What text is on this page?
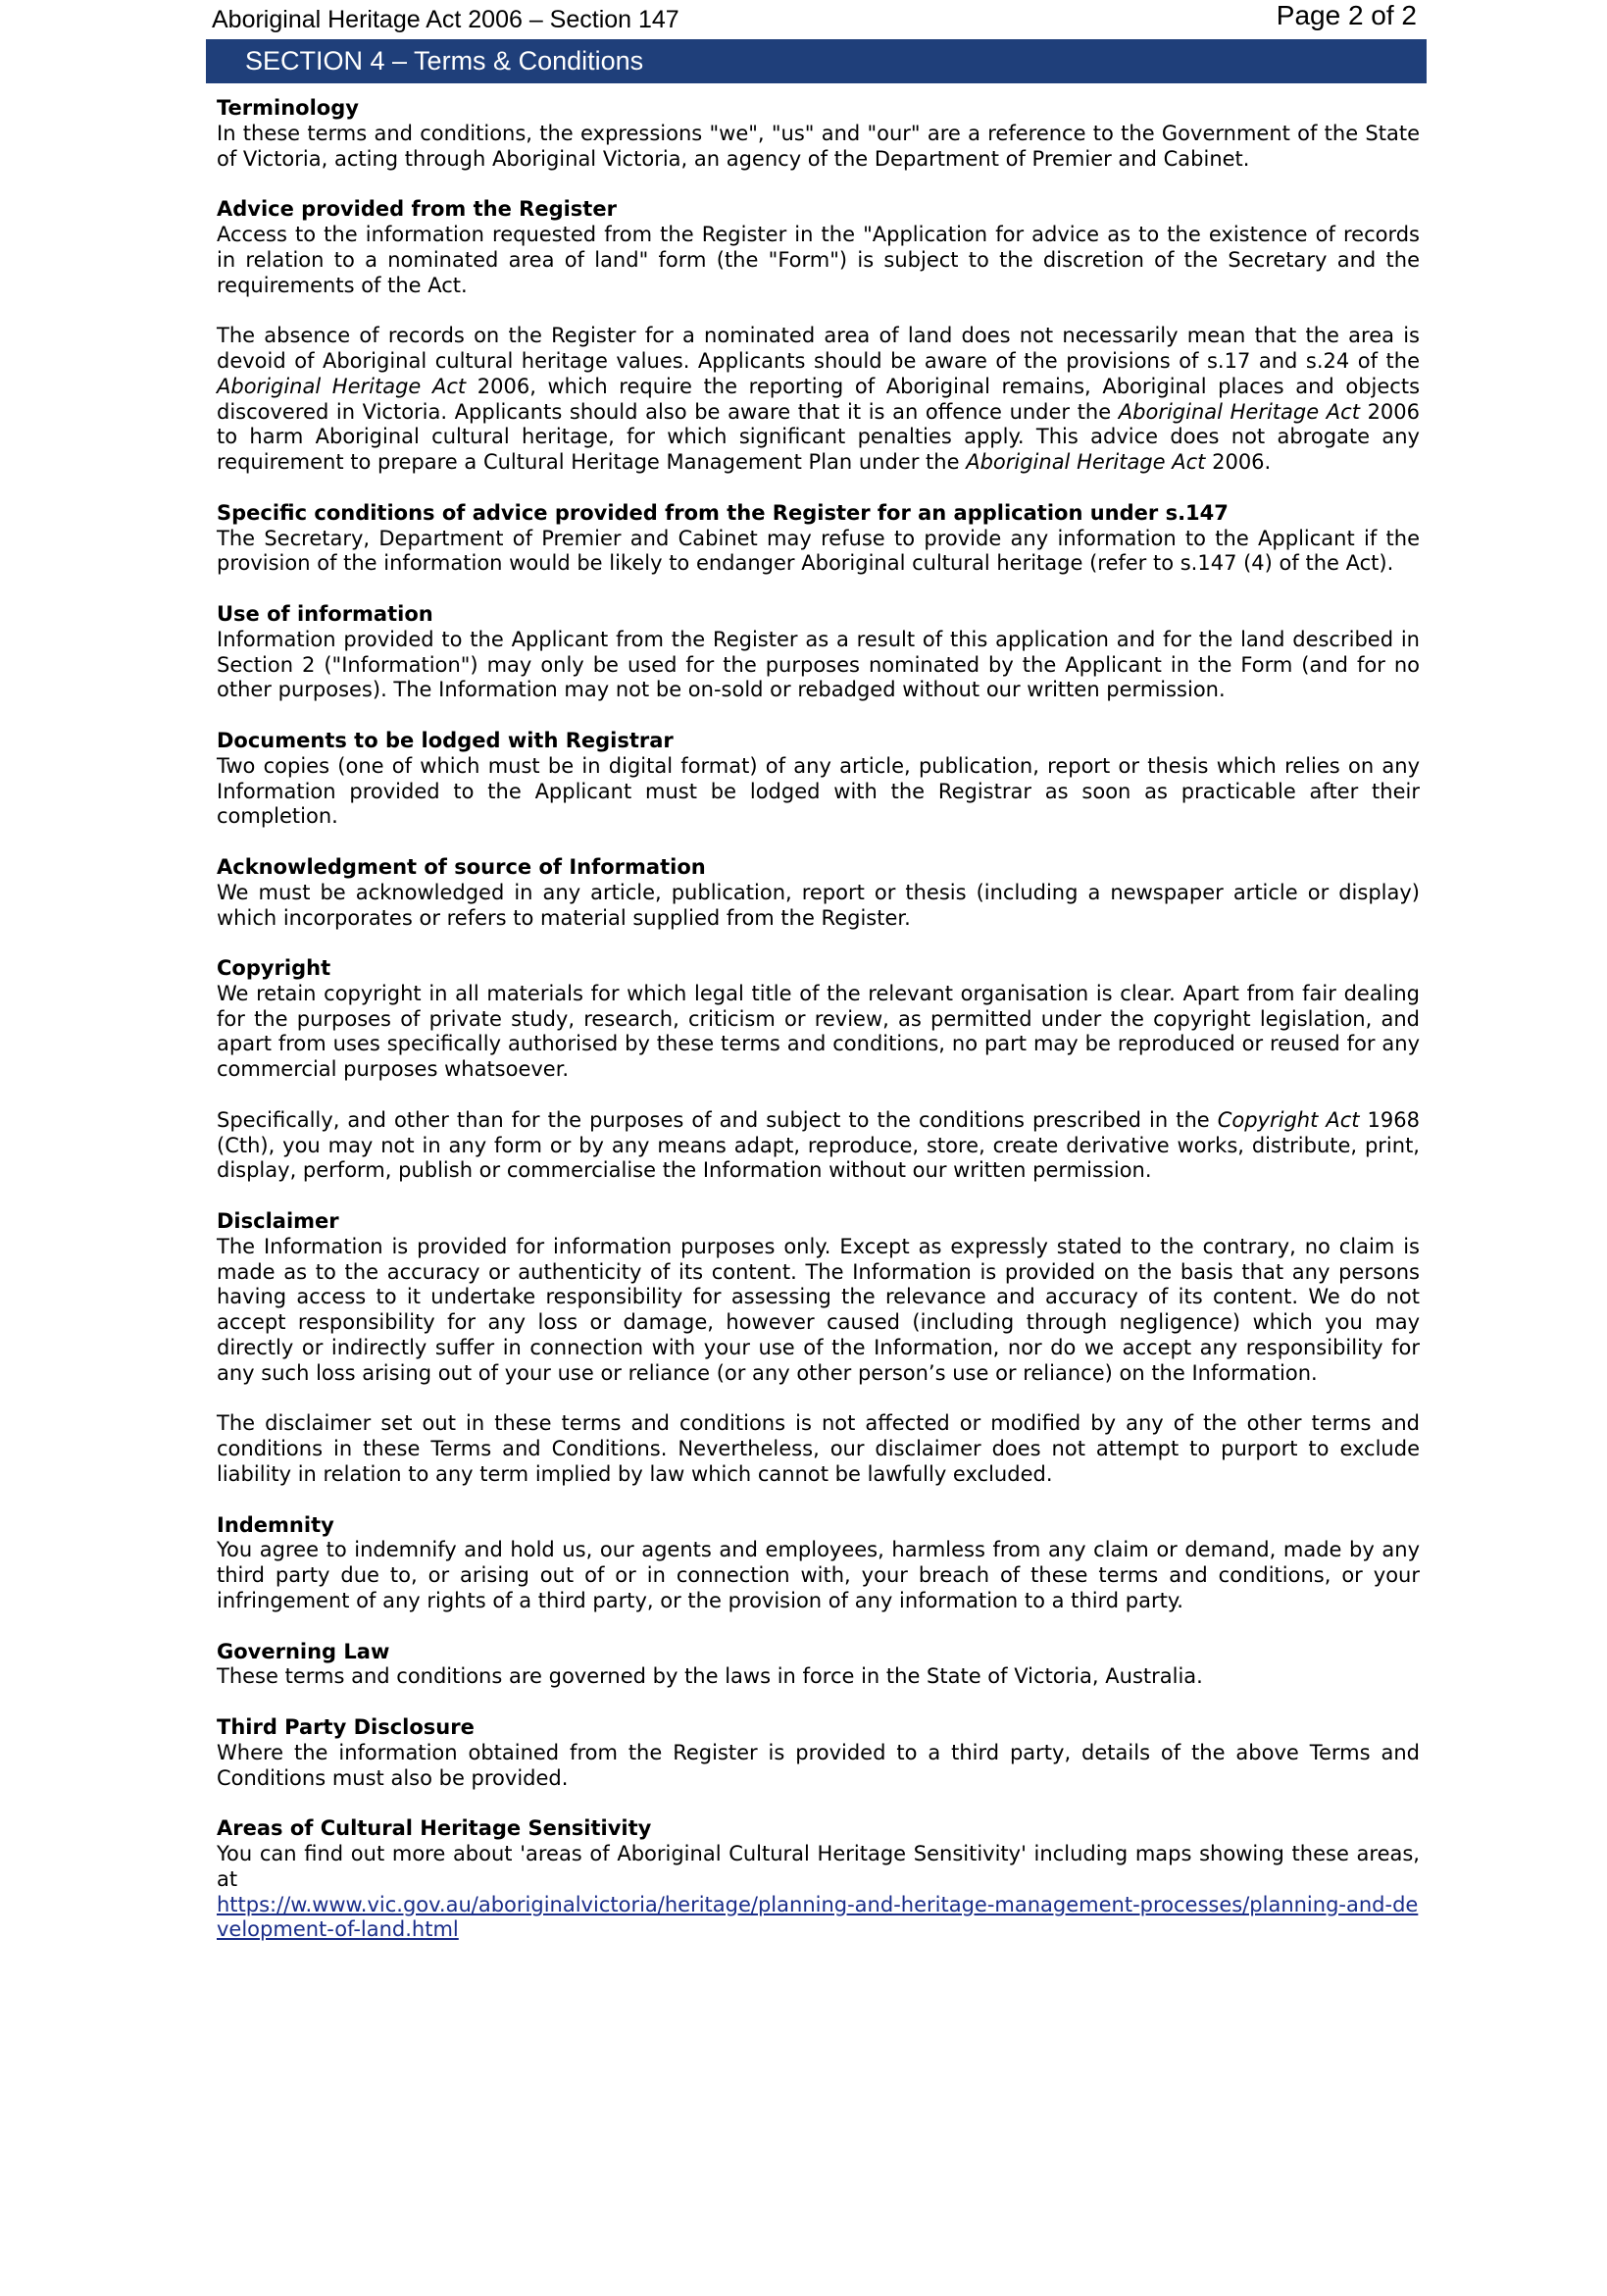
Aboriginal Heritage Act 2006 – Section 147	Page 2 of 2
SECTION 4 – Terms & Conditions
Terminology

In these terms and conditions, the expressions "we", "us" and "our" are a reference to the Government of the State of Victoria, acting through Aboriginal Victoria, an agency of the Department of Premier and Cabinet.

Advice provided from the Register

Access to the information requested from the Register in the "Application for advice as to the existence of records in relation to a nominated area of land" form (the "Form") is subject to the discretion of the Secretary and the requirements of the Act.

The absence of records on the Register for a nominated area of land does not necessarily mean that the area is devoid of Aboriginal cultural heritage values. Applicants should be aware of the provisions of s.17 and s.24 of the Aboriginal Heritage Act 2006, which require the reporting of Aboriginal remains, Aboriginal places and objects discovered in Victoria. Applicants should also be aware that it is an offence under the Aboriginal Heritage Act 2006 to harm Aboriginal cultural heritage, for which significant penalties apply. This advice does not abrogate any requirement to prepare a Cultural Heritage Management Plan under the Aboriginal Heritage Act 2006.

Specific conditions of advice provided from the Register for an application under s.147

The Secretary, Department of Premier and Cabinet may refuse to provide any information to the Applicant if the provision of the information would be likely to endanger Aboriginal cultural heritage (refer to s.147 (4) of the Act).

Use of information

Information provided to the Applicant from the Register as a result of this application and for the land described in Section 2 ("Information") may only be used for the purposes nominated by the Applicant in the Form (and for no other purposes). The Information may not be on-sold or rebadged without our written permission.

Documents to be lodged with Registrar

Two copies (one of which must be in digital format) of any article, publication, report or thesis which relies on any Information provided to the Applicant must be lodged with the Registrar as soon as practicable after their completion.

Acknowledgment of source of Information

We must be acknowledged in any article, publication, report or thesis (including a newspaper article or display) which incorporates or refers to material supplied from the Register.

Copyright

We retain copyright in all materials for which legal title of the relevant organisation is clear. Apart from fair dealing for the purposes of private study, research, criticism or review, as permitted under the copyright legislation, and apart from uses specifically authorised by these terms and conditions, no part may be reproduced or reused for any commercial purposes whatsoever.

Specifically, and other than for the purposes of and subject to the conditions prescribed in the Copyright Act 1968 (Cth), you may not in any form or by any means adapt, reproduce, store, create derivative works, distribute, print, display, perform, publish or commercialise the Information without our written permission.

Disclaimer

The Information is provided for information purposes only. Except as expressly stated to the contrary, no claim is made as to the accuracy or authenticity of its content. The Information is provided on the basis that any persons having access to it undertake responsibility for assessing the relevance and accuracy of its content. We do not accept responsibility for any loss or damage, however caused (including through negligence) which you may directly or indirectly suffer in connection with your use of the Information, nor do we accept any responsibility for any such loss arising out of your use or reliance (or any other person’s use or reliance) on the Information.

The disclaimer set out in these terms and conditions is not affected or modified by any of the other terms and conditions in these Terms and Conditions. Nevertheless, our disclaimer does not attempt to purport to exclude liability in relation to any term implied by law which cannot be lawfully excluded.

Indemnity

You agree to indemnify and hold us, our agents and employees, harmless from any claim or demand, made by any third party due to, or arising out of or in connection with, your breach of these terms and conditions, or your infringement of any rights of a third party, or the provision of any information to a third party.

Governing Law

These terms and conditions are governed by the laws in force in the State of Victoria, Australia.

Third Party Disclosure

Where the information obtained from the Register is provided to a third party, details of the above Terms and Conditions must also be provided.

Areas of Cultural Heritage Sensitivity

You can find out more about 'areas of Aboriginal Cultural Heritage Sensitivity' including maps showing these areas, at

https://w.www.vic.gov.au/aboriginalvictoria/heritage/planning-and-heritage-management-processes/planning-and-development-of-land.html
